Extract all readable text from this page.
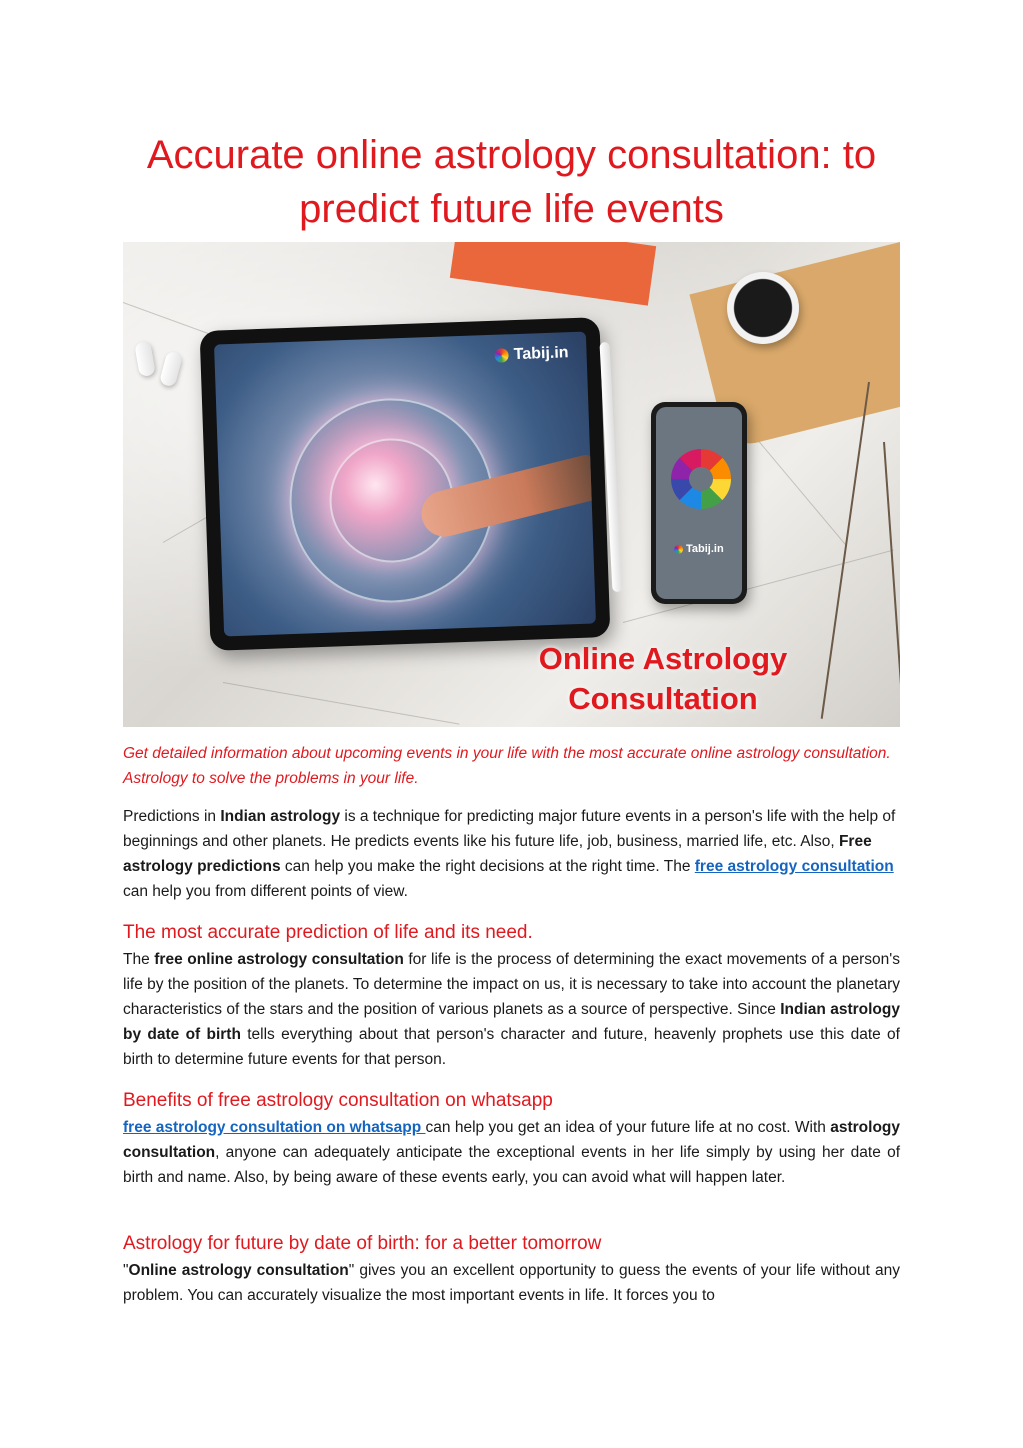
Accurate online astrology consultation: to predict future life events
Tabij.in
Tabij.in
Online Astrology
Consultation

Get detailed information about upcoming events in your life with the most accurate online astrology consultation. Astrology to solve the problems in your life.

Predictions in Indian astrology is a technique for predicting major future events in a person's life with the help of beginnings and other planets. He predicts events like his future life, job, business, married life, etc. Also, Free astrology predictions can help you make the right decisions at the right time. The free astrology consultation can help you from different points of view.

The most accurate prediction of life and its need.

The free online astrology consultation for life is the process of determining the exact movements of a person's life by the position of the planets. To determine the impact on us, it is necessary to take into account the planetary characteristics of the stars and the position of various planets as a source of perspective. Since Indian astrology by date of birth tells everything about that person's character and future, heavenly prophets use this date of birth to determine future events for that person.

Benefits of free astrology consultation on whatsapp

free astrology consultation on whatsapp can help you get an idea of your future life at no cost. With astrology consultation, anyone can adequately anticipate the exceptional events in her life simply by using her date of birth and name. Also, by being aware of these events early, you can avoid what will happen later.

Astrology for future by date of birth: for a better tomorrow

"Online astrology consultation" gives you an excellent opportunity to guess the events of your life without any problem. You can accurately visualize the most important events in life. It forces you to
